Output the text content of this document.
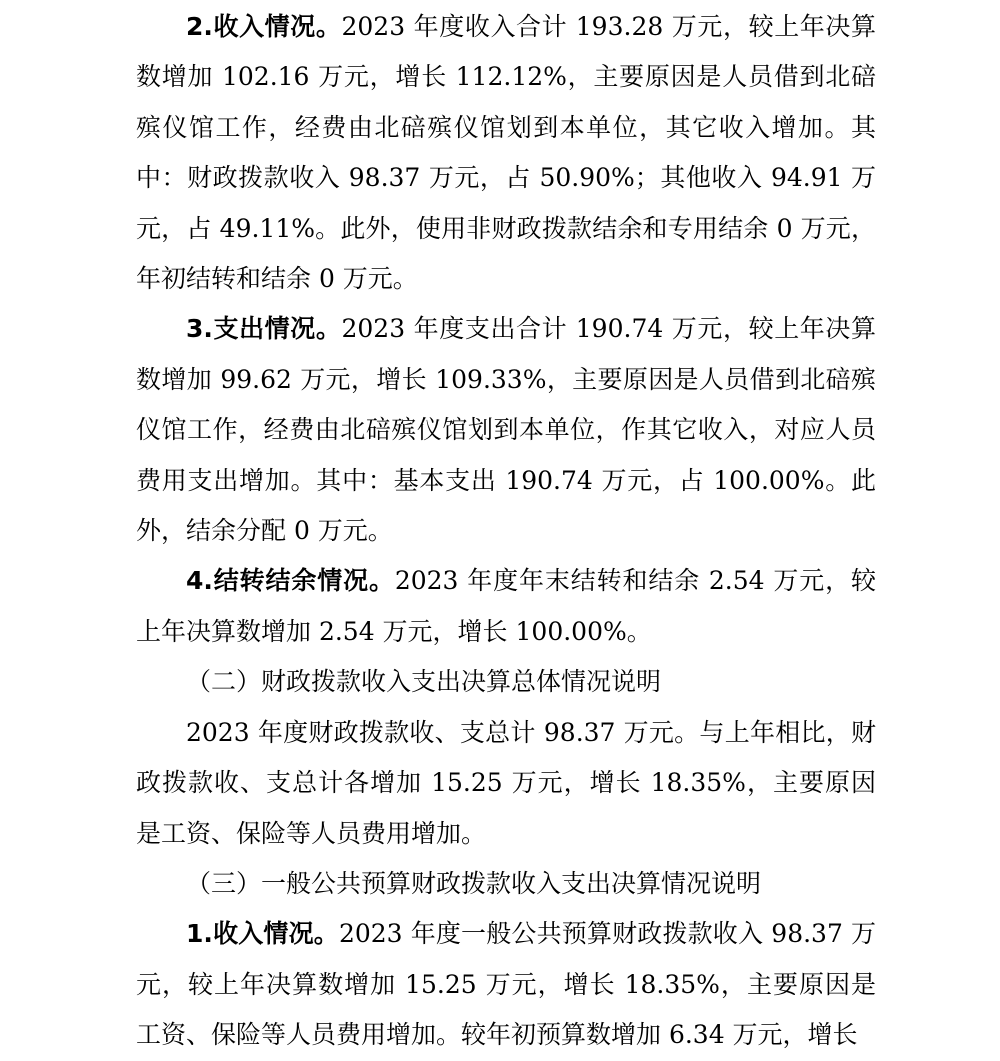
2.收入情况。2023 年度收入合计 193.28 万元，较上年决算数增加 102.16 万元，增长 112.12%，主要原因是人员借到北碚殡仪馆工作，经费由北碚殡仪馆划到本单位，其它收入增加。其中：财政拨款收入 98.37 万元，占 50.90%；其他收入 94.91 万元，占 49.11%。此外，使用非财政拨款结余和专用结余 0 万元，年初结转和结余 0 万元。

3.支出情况。2023 年度支出合计 190.74 万元，较上年决算数增加 99.62 万元，增长 109.33%，主要原因是人员借到北碚殡仪馆工作，经费由北碚殡仪馆划到本单位，作其它收入，对应人员费用支出增加。其中：基本支出 190.74 万元，占 100.00%。此外，结余分配 0 万元。

4.结转结余情况。2023 年度年末结转和结余 2.54 万元，较上年决算数增加 2.54 万元，增长 100.00%。

（二）财政拨款收入支出决算总体情况说明

2023 年度财政拨款收、支总计 98.37 万元。与上年相比，财政拨款收、支总计各增加 15.25 万元，增长 18.35%，主要原因是工资、保险等人员费用增加。

（三）一般公共预算财政拨款收入支出决算情况说明

1.收入情况。2023 年度一般公共预算财政拨款收入 98.37 万元，较上年决算数增加 15.25 万元，增长 18.35%，主要原因是工资、保险等人员费用增加。较年初预算数增加 6.34 万元，增长
